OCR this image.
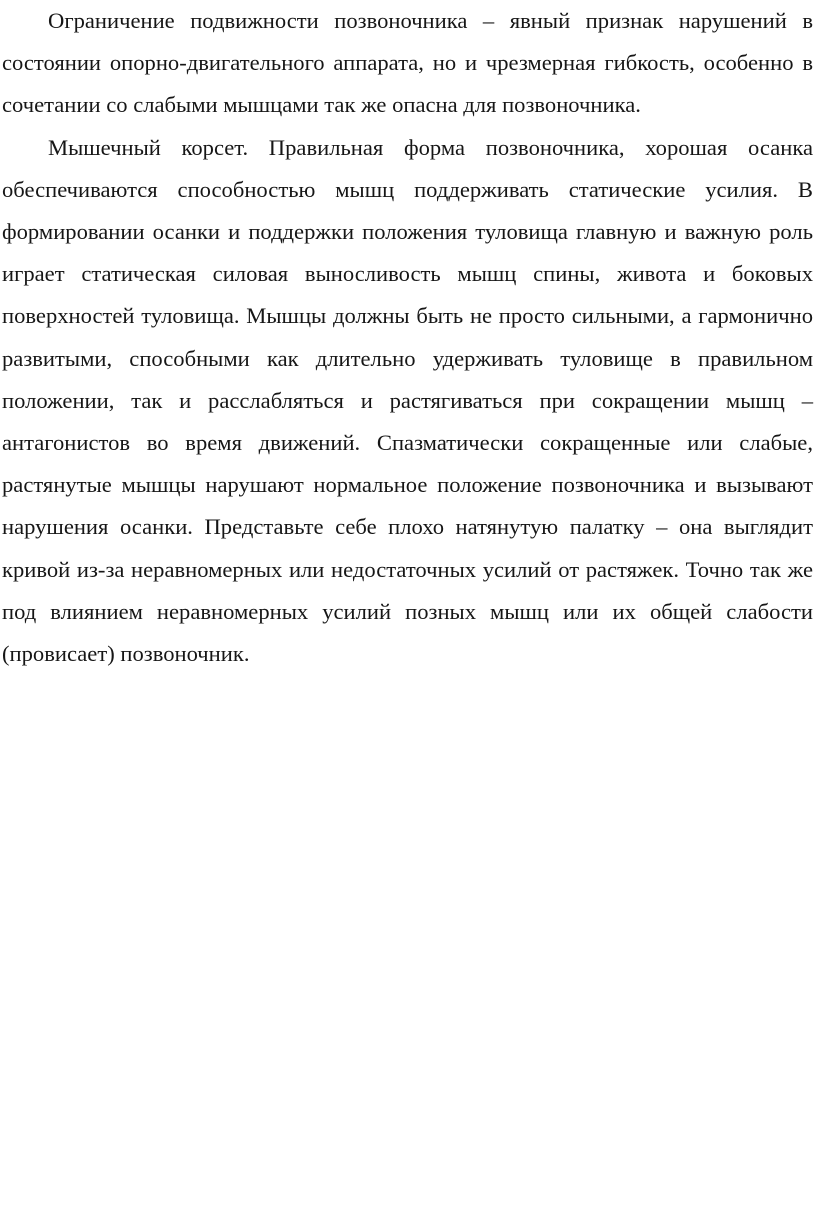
Ограничение подвижности позвоночника – явный признак нарушений в состоянии опорно-двигательного аппарата, но и чрезмерная гибкость, особенно в сочетании со слабыми мышцами так же опасна для позвоночника.

Мышечный корсет. Правильная форма позвоночника, хорошая осанка обеспечиваются способностью мышц поддерживать статические усилия. В формировании осанки и поддержки положения туловища главную и важную роль играет статическая силовая выносливость мышц спины, живота и боковых поверхностей туловища. Мышцы должны быть не просто сильными, а гармонично развитыми, способными как длительно удерживать туловище в правильном положении, так и расслабляться и растягиваться при сокращении мышц – антагонистов во время движений. Спазматически сокращенные или слабые, растянутые мышцы нарушают нормальное положение позвоночника и вызывают нарушения осанки. Представьте себе плохо натянутую палатку – она выглядит кривой из-за неравномерных или недостаточных усилий от растяжек. Точно так же под влиянием неравномерных усилий позных мышц или их общей слабости (провисает) позвоночник.
